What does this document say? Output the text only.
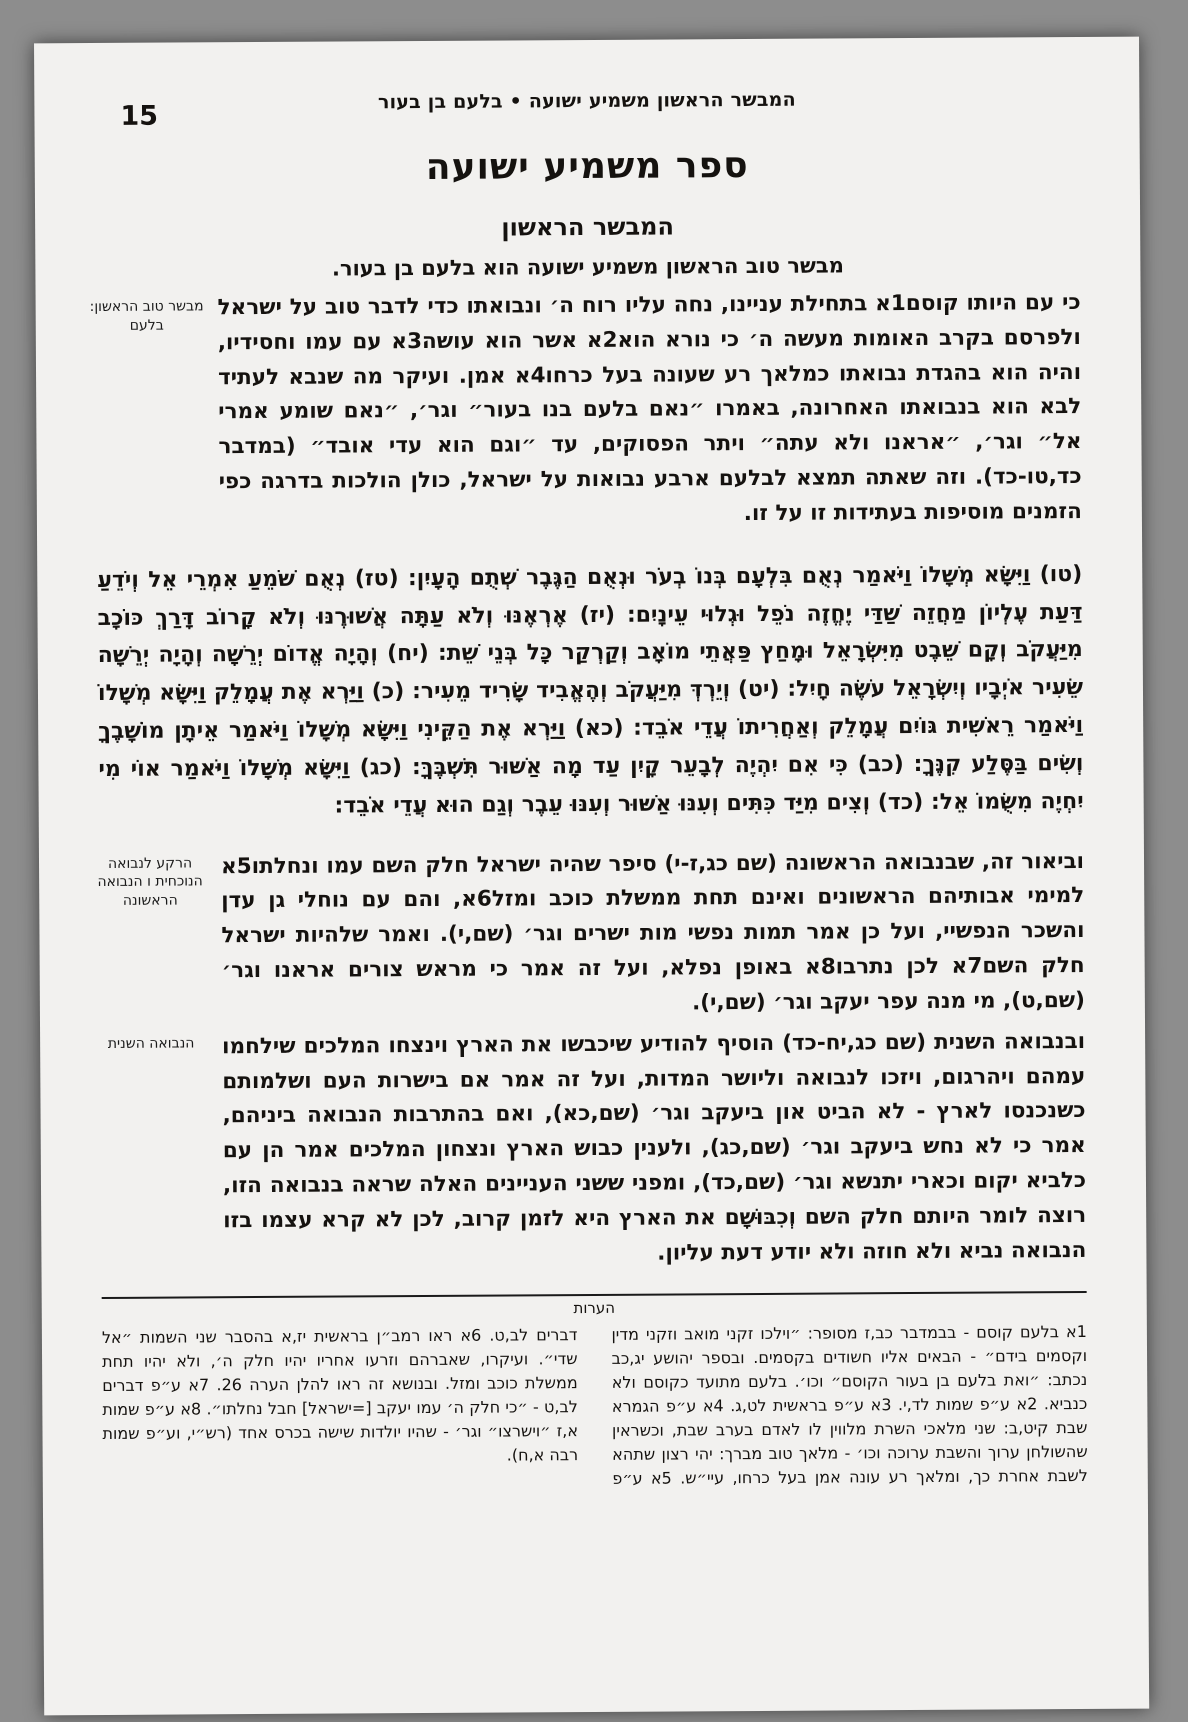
המבשר הראשון משמיע ישועה • בלעם בן בעור
15
ספר משמיע ישועה
המבשר הראשון
מבשר טוב הראשון משמיע ישועה הוא בלעם בן בעור.
מבשר טוב הראשון: בלעם
כי עם היותו קוסם1א בתחילת עניינו, נחה עליו רוח ה׳ ונבואתו כדי לדבר טוב על ישראל ולפרסם בקרב האומות מעשה ה׳ כי נורא הוא2א אשר הוא עושה3א עם עמו וחסידיו, והיה הוא בהגדת נבואתו כמלאך רע שעונה בעל כרחו4א אמן. ועיקר מה שנבא לעתיד לבא הוא בנבואתו האחרונה, באמרו ״נאם בלעם בנו בעור״ וגר׳, ״נאם שומע אמרי אל״ וגר׳, ״אראנו ולא עתה״ ויתר הפסוקים, עד ״וגם הוא עדי אובד״ (במדבר כד,טו-כד). וזה שאתה תמצא לבלעם ארבע נבואות על ישראל, כולן הולכות בדרגה כפי הזמנים מוסיפות בעתידות זו על זו.
(טו) וַיִּשָּׂא מְשָׁלוֹ וַיֹּאמַר נְאֻם בִּלְעָם בְּנוֹ בְעֹר וּנְאֻם הַגֶּבֶר שְׁתֻם הָעָיִן: (טז) נְאֻם שֹׁמֵעַ אִמְרֵי אֵל וְיֹדֵעַ דַּעַת עֶלְיוֹן מַחֲזֵה שַׁדַּי יֶחֱזֶה נֹפֵל וּגְלוּי עֵינָיִם: (יז) אֶרְאֶנּוּ וְלֹא עַתָּה אֲשׁוּרֶנּוּ וְלֹא קָרוֹב דָּרַךְ כּוֹכָב מִיַּעֲקֹב וְקָם שֵׁבֶט מִיִּשְׂרָאֵל וּמָחַץ פַּאֲתֵי מוֹאָב וְקַרְקַר כָּל בְּנֵי שֵׁת: (יח) וְהָיָה אֱדוֹם יְרֵשָׁה וְהָיָה יְרֵשָׁה שֵׂעִיר אֹיְבָיו וְיִשְׂרָאֵל עֹשֶׂה חָיִל: (יט) וְיֵרְדְּ מִיַּעֲקֹב וְהֶאֱבִיד שָׂרִיד מֵעִיר: (כ) וַיַּרְא אֶת עֲמָלֵק וַיִּשָּׂא מְשָׁלוֹ וַיֹּאמַר רֵאשִׁית גּוֹיִם עֲמָלֵק וְאַחֲרִיתוֹ עֲדֵי אֹבֵד: (כא) וַיַּרְא אֶת הַקֵּינִי וַיִּשָּׂא מְשָׁלוֹ וַיֹּאמַר אֵיתָן מוֹשָׁבֶךָ וְשִׂים בַּסֶּלַע קִנֶּךָ: (כב) כִּי אִם יִהְיֶה לְבָעֵר קָיִן עַד מָה אַשּׁוּר תִּשְׁבֶּךָּ: (כג) וַיִּשָּׂא מְשָׁלוֹ וַיֹּאמַר אוֹי מִי יִחְיֶה מִשֻּׂמוֹ אֵל: (כד) וְצִים מִיַּד כִּתִּים וְעִנּוּ אַשּׁוּר וְעִנּוּ עֵבֶר וְגַם הוּא עֲדֵי אֹבֵד:
הרקע לנבואה הנוכחית ו הנבואה הראשונה
וביאור זה, שבנבואה הראשונה (שם כג,ז-י) סיפר שהיה ישראל חלק השם עמו ונחלתו5א למימי אבותיהם הראשונים ואינם תחת ממשלת כוכב ומזל6א, והם עם נוחלי גן עדן והשכר הנפשיי, ועל כן אמר תמות נפשי מות ישרים וגר׳ (שם,י). ואמר שלהיות ישראל חלק השם7א לכן נתרבו8א באופן נפלא, ועל זה אמר כי מראש צורים אראנו וגר׳ (שם,ט), מי מנה עפר יעקב וגר׳ (שם,י).
הנבואה השנית	ובנבואה השנית (שם כג,יח-כד) הוסיף להודיע שיכבשו את הארץ וינצחו המלכים שילחמו עמהם ויהרגום, ויזכו לנבואה וליושר המדות, ועל זה אמר אם בישרות העם ושלמותם כשנכנסו לארץ - לא הביט און ביעקב וגר׳ (שם,כא), ואם בהתרבות הנבואה ביניהם, אמר כי לא נחש ביעקב וגר׳ (שם,כג), ולענין כבוש הארץ ונצחון המלכים אמר הן עם כלביא יקום וכארי יתנשא וגר׳ (שם,כד), ומפני ששני העניינים האלה שראה בנבואה הזו, רוצה לומר היותם חלק השם וְכִבּוּשָׁם את הארץ היא לזמן קרוב, לכן לא קרא עצמו בזו הנבואה נביא ולא חוזה ולא יודע דעת עליון.
הערות
1א בלעם קוסם - בבמדבר כב,ז מסופר: ״וילכו זקני מואב וזקני מדין וקסמים בידם״ - הבאים אליו חשודים בקסמים. ובספר יהושע יג,כב נכתב: ״ואת בלעם בן בעור הקוסם״ וכו׳. בלעם מתועד כקוסם ולא כנביא. 2א ע״פ שמות לד,י. 3א ע״פ בראשית לט,ג. 4א ע״פ הגמרא שבת קיט,ב: שני מלאכי השרת מלווין לו לאדם בערב שבת, וכשראין שהשולחן ערוך והשבת ערוכה וכו׳ - מלאך טוב מברך: יהי רצון שתהא לשבת אחרת כך, ומלאך רע עונה אמן בעל כרחו, עיי״ש. 5א ע״פ דברים לב,ט. 6א ראו רמב״ן בראשית יז,א בהסבר שני השמות ״אל שדי״. ועיקרו, שאברהם וזרעו אחריו יהיו חלק ה׳, ולא יהיו תחת ממשלת כוכב ומזל. ובנושא זה ראו להלן הערה 26. 7א ע״פ דברים לב,ט - ״כי חלק ה׳ עמו יעקב [=ישראל] חבל נחלתו״. 8א ע״פ שמות א,ז ״וישרצו״ וגר׳ - שהיו יולדות שישה בכרס אחד (רש״י, וע״פ שמות רבה א,ח).
